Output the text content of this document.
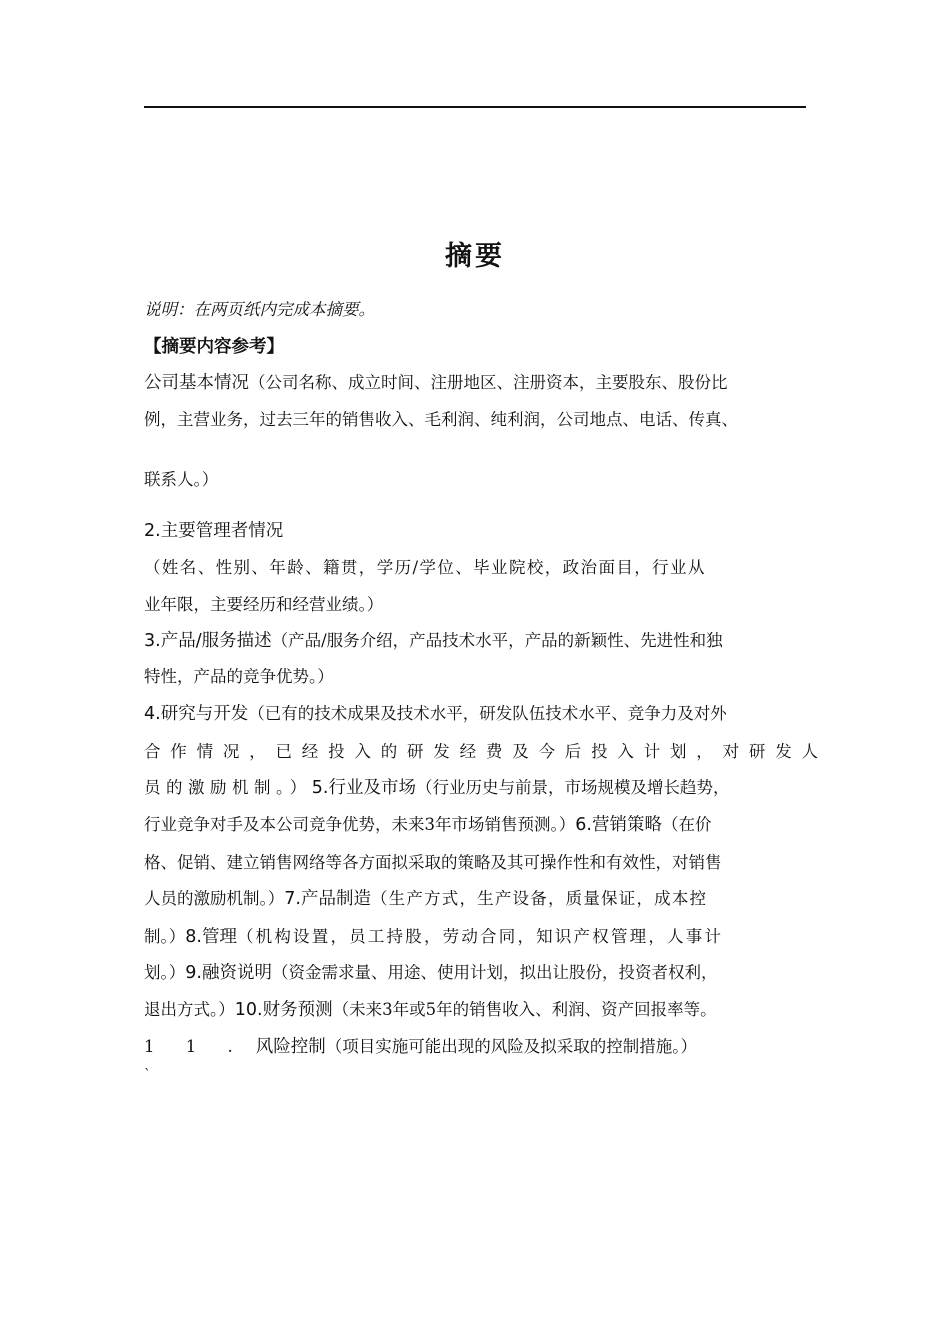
摘要
说明：在两页纸内完成本摘要。
【摘要内容参考】
公司基本情况（公司名称、成立时间、注册地区、注册资本，主要股东、股份比
例，主营业务，过去三年的销售收入、毛利润、纯利润，公司地点、电话、传真、
联系人。）
2.主要管理者情况
（姓名、性别、年龄、籍贯，学历/学位、毕业院校，政治面目，行业从
业年限，主要经历和经营业绩。）
3.产品/服务描述（产品/服务介绍，产品技术水平，产品的新颖性、先进性和独
特性，产品的竞争优势。）
4.研究与开发（已有的技术成果及技术水平，研发队伍技术水平、竞争力及对外
合作情况，已经投入的研发经费及今后投入计划，对研发人
员的激励机制。）5.行业及市场（行业历史与前景，市场规模及增长趋势，
行业竞争对手及本公司竞争优势，未来3年市场销售预测。）6.营销策略（在价
格、促销、建立销售网络等各方面拟采取的策略及其可操作性和有效性，对销售
人员的激励机制。）7.产品制造（生产方式，生产设备，质量保证，成本控
制。）8.管理（机构设置，员工持股，劳动合同，知识产权管理，人事计
划。）9.融资说明（资金需求量、用途、使用计划，拟出让股份，投资者权利，
退出方式。）10.财务预测（未来3年或5年的销售收入、利润、资产回报率等。
1 1 . 风险控制（项目实施可能出现的风险及拟采取的控制措施。）
`
